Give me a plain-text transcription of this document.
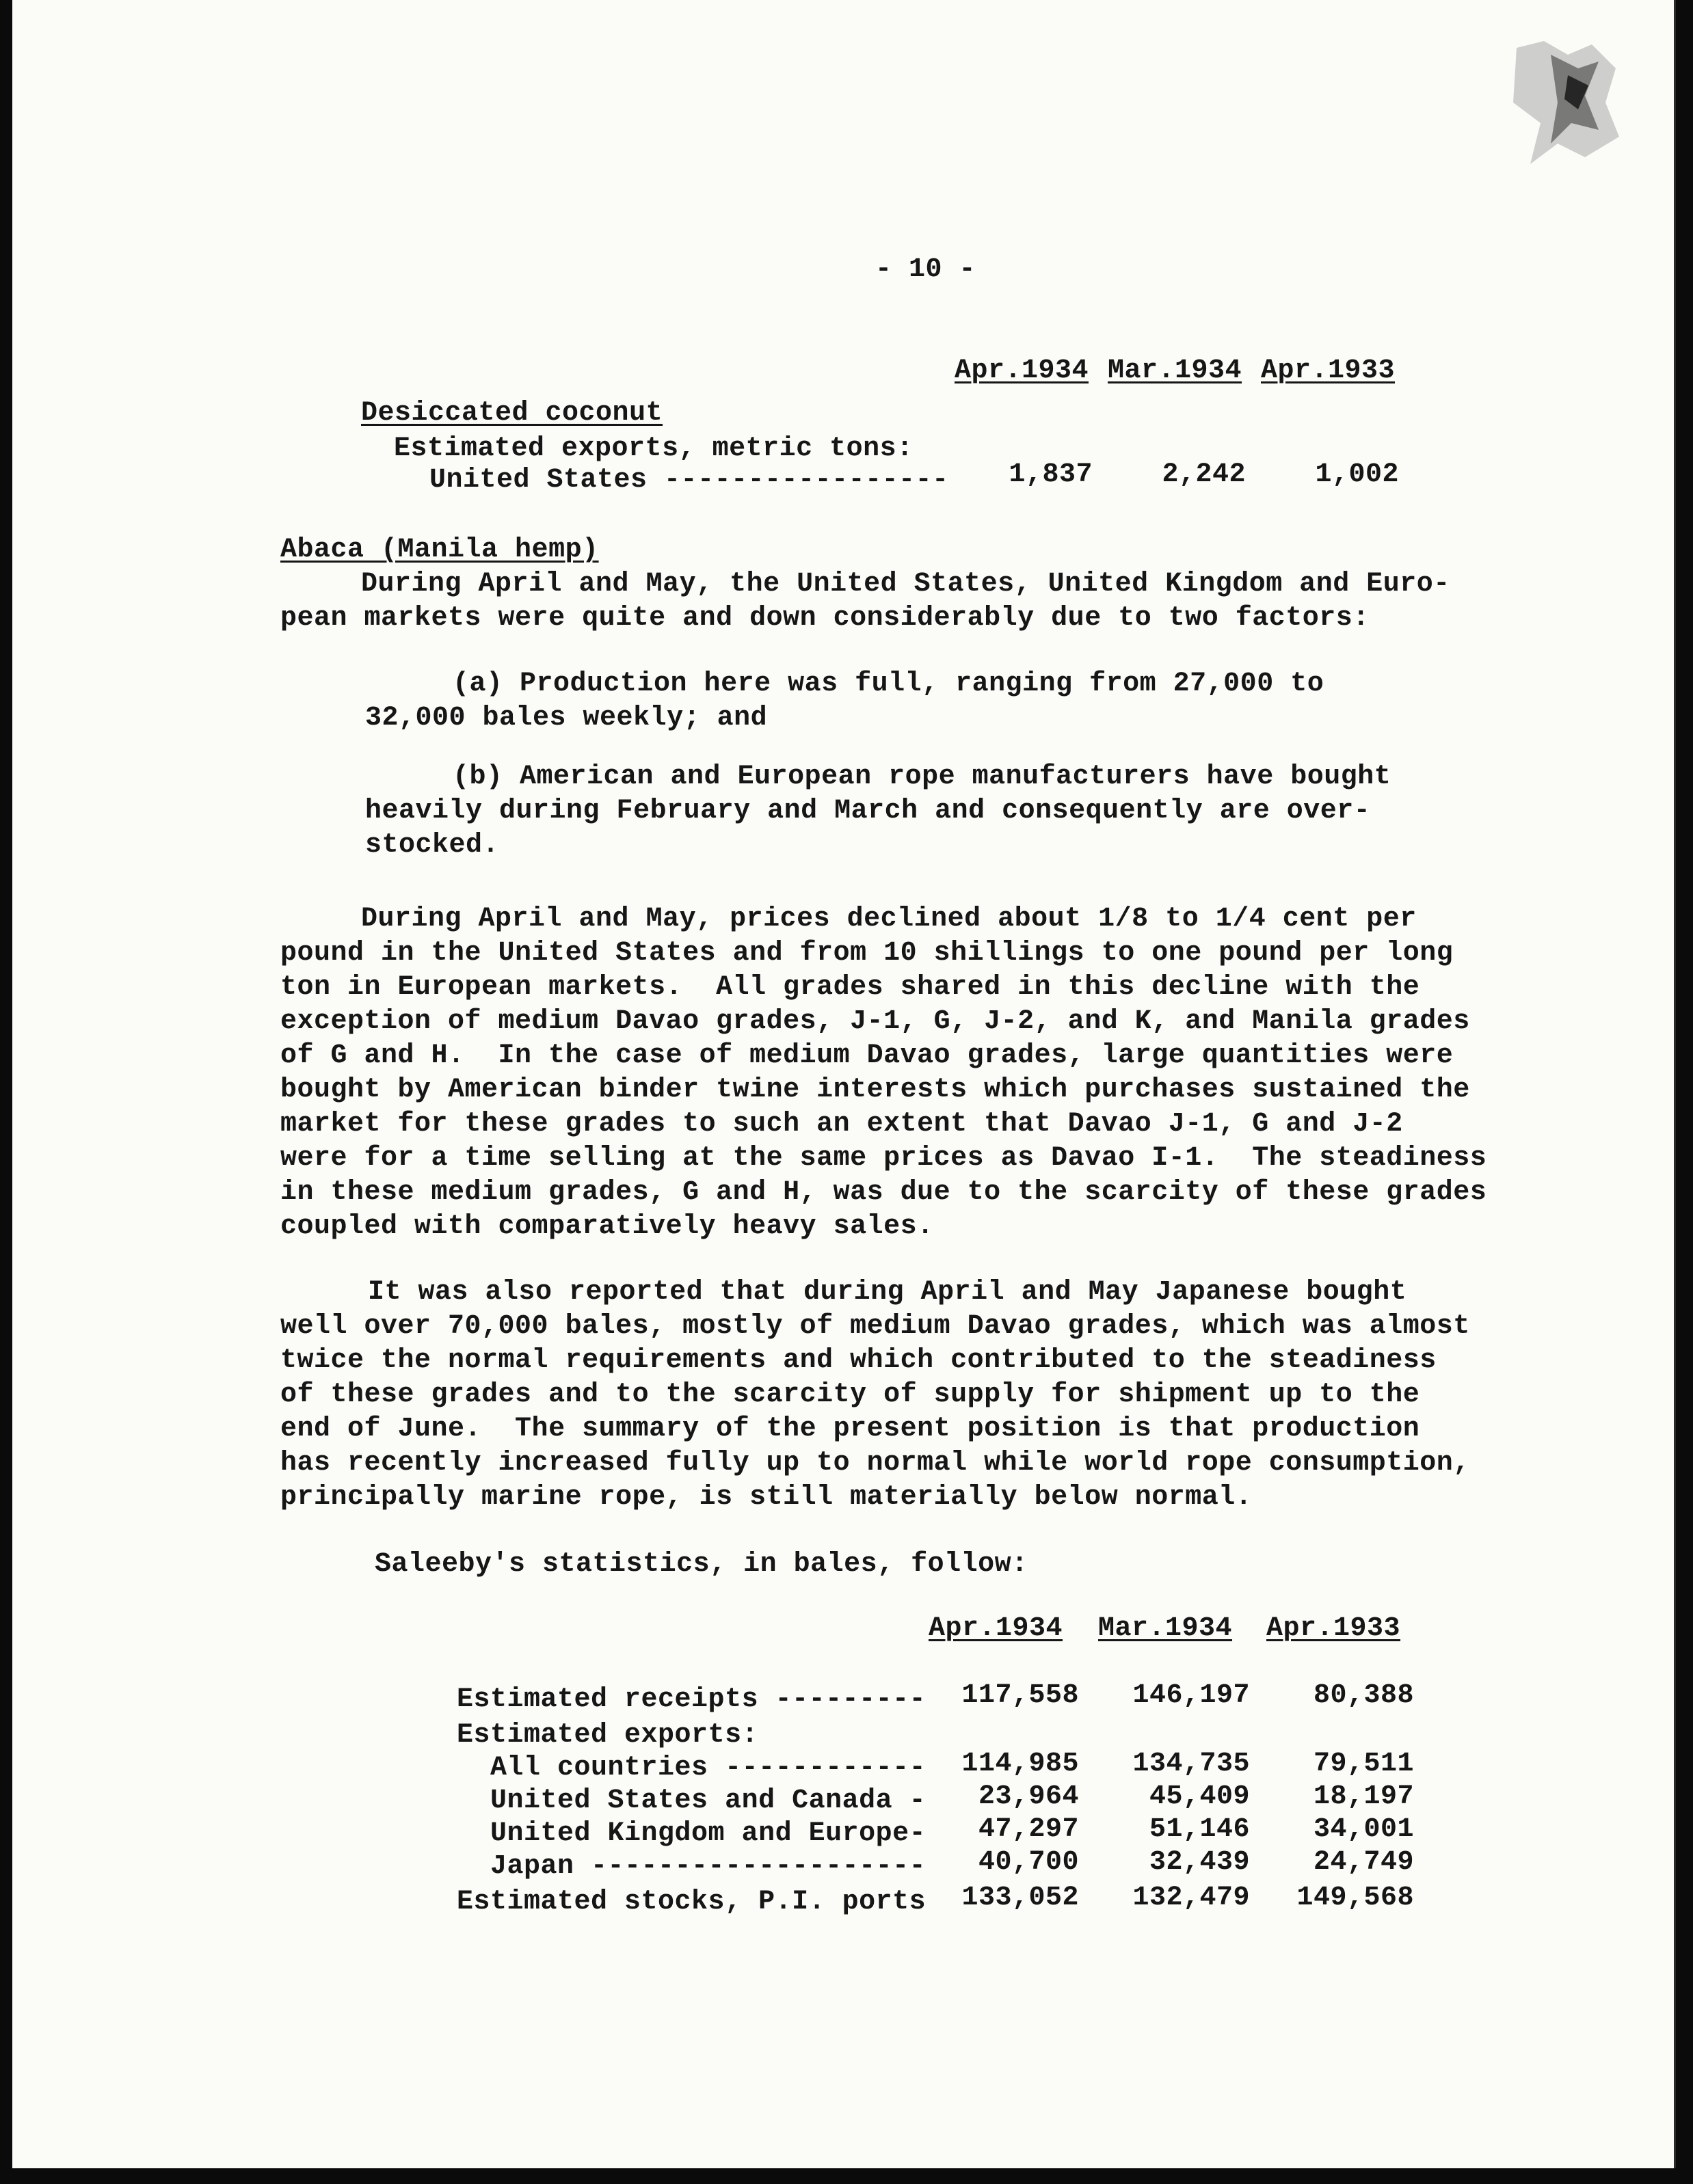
- 10 -
Apr.1934 Mar.1934 Apr.1933
Desiccated coconut
Estimated exports, metric tons:
United States -----------------	1,837	2,242	1,002
Abaca (Manila hemp)
During April and May, the United States, United Kingdom and Euro-
pean markets were quite and down considerably due to two factors:
(a) Production here was full, ranging from 27,000 to
32,000 bales weekly; and
(b) American and European rope manufacturers have bought
heavily during February and March and consequently are over-
stocked.
During April and May, prices declined about 1/8 to 1/4 cent per
pound in the United States and from 10 shillings to one pound per long
ton in European markets.  All grades shared in this decline with the
exception of medium Davao grades, J-1, G, J-2, and K, and Manila grades
of G and H.  In the case of medium Davao grades, large quantities were
bought by American binder twine interests which purchases sustained the
market for these grades to such an extent that Davao J-1, G and J-2
were for a time selling at the same prices as Davao I-1.  The steadiness
in these medium grades, G and H, was due to the scarcity of these grades
coupled with comparatively heavy sales.
It was also reported that during April and May Japanese bought
well over 70,000 bales, mostly of medium Davao grades, which was almost
twice the normal requirements and which contributed to the steadiness
of these grades and to the scarcity of supply for shipment up to the
end of June.  The summary of the present position is that production
has recently increased fully up to normal while world rope consumption,
principally marine rope, is still materially below normal.
Saleeby's statistics, in bales, follow:
Apr.1934 Mar.1934 Apr.1933
Estimated receipts ---------	117,558	146,197	80,388
Estimated exports:
All countries ------------	114,985	134,735	79,511
United States and Canada -	23,964	45,409	18,197
United Kingdom and Europe-	47,297	51,146	34,001
Japan --------------------	40,700	32,439	24,749
Estimated stocks, P.I. ports	133,052	132,479	149,568
